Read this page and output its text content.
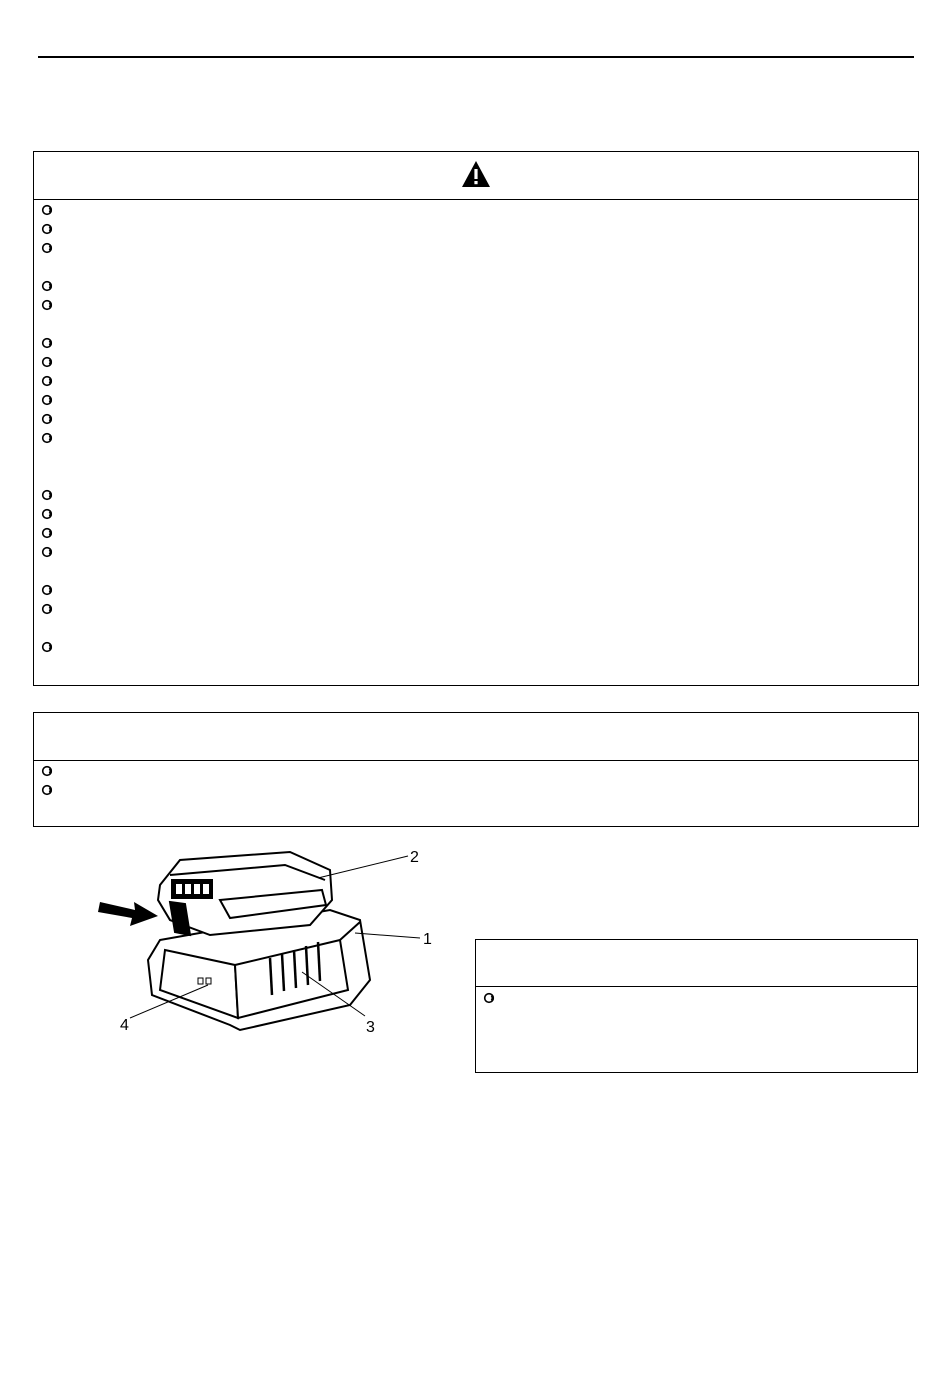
2
1
3
4
